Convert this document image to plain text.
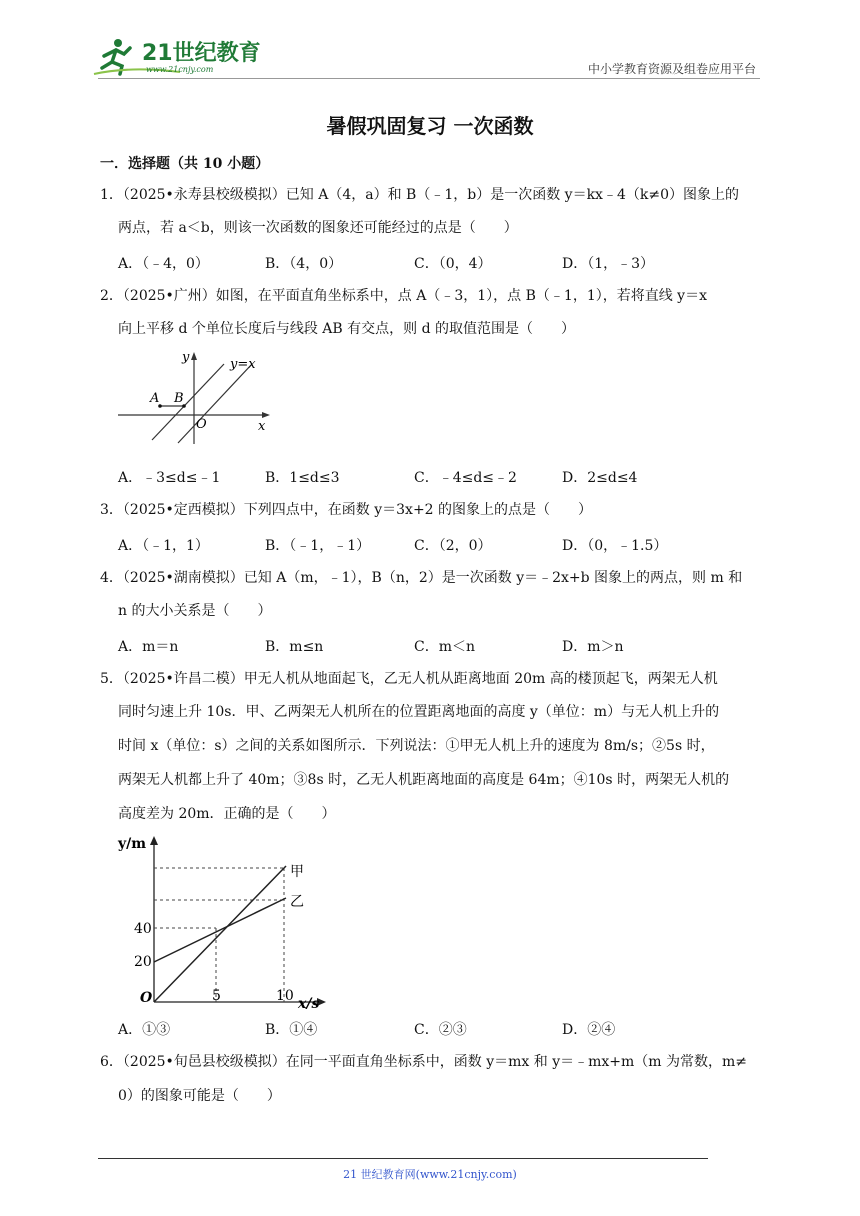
21世纪教育
www.21cnjy.com	中小学教育资源及组卷应用平台
暑假巩固复习 一次函数
一．选择题（共 10 小题）
1．（2025•永寿县校级模拟）已知 A（4，a）和 B（﹣1，b）是一次函数 y＝kx﹣4（k≠0）图象上的
两点，若 a＜b，则该一次函数的图象还可能经过的点是（　　）
A．（﹣4，0）	B．（4，0）	C．（0，4）	D．（1，﹣3）
2．（2025•广州）如图，在平面直角坐标系中，点 A（﹣3，1），点 B（﹣1，1），若将直线 y＝x
向上平移 d 个单位长度后与线段 AB 有交点，则 d 的取值范围是（　　）
A B
y=x
y
x
O
A．﹣3≤d≤﹣1	B．1≤d≤3	C．﹣4≤d≤﹣2	D．2≤d≤4
3．（2025•定西模拟）下列四点中，在函数 y＝3x+2 的图象上的点是（　　）
A．（﹣1，1）	B．（﹣1，﹣1）	C．（2，0）	D．（0，﹣1.5）
4．（2025•湖南模拟）已知 A（m，﹣1），B（n，2）是一次函数 y＝﹣2x+b 图象上的两点，则 m 和
n 的大小关系是（　　）
A．m＝n	B．m≤n	C．m＜n	D．m＞n
5．（2025•许昌二模）甲无人机从地面起飞，乙无人机从距离地面 20m 高的楼顶起飞，两架无人机
同时匀速上升 10s．甲、乙两架无人机所在的位置距离地面的高度 y（单位：m）与无人机上升的
时间 x（单位：s）之间的关系如图所示．下列说法：①甲无人机上升的速度为 8m/s；②5s 时，
两架无人机都上升了 40m；③8s 时，乙无人机距离地面的高度是 64m；④10s 时，两架无人机的
高度差为 20m．正确的是（　　）
y/m
x/s
O
20
40
5	10
甲
乙
A．①③	B．①④	C．②③	D．②④
6．（2025•旬邑县校级模拟）在同一平面直角坐标系中，函数 y＝mx 和 y＝﹣mx+m（m 为常数，m≠
0）的图象可能是（　　）
21 世纪教育网(www.21cnjy.com)
